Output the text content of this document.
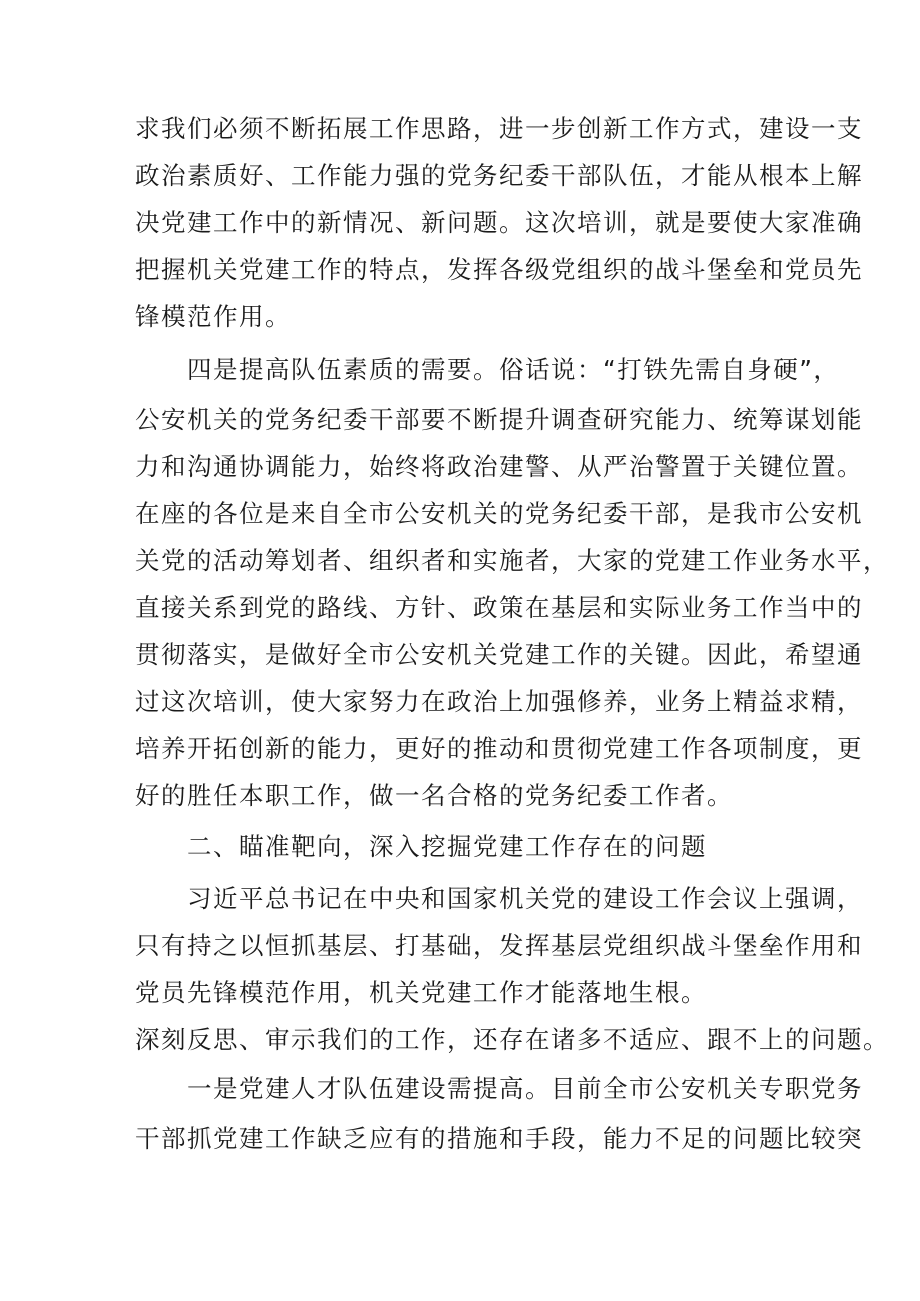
求我们必须不断拓展工作思路，进一步创新工作方式，建设一支
政治素质好、工作能力强的党务纪委干部队伍，才能从根本上解
决党建工作中的新情况、新问题。这次培训，就是要使大家准确
把握机关党建工作的特点，发挥各级党组织的战斗堡垒和党员先
锋模范作用。
四是提高队伍素质的需要。俗话说：“打铁先需自身硬”，
公安机关的党务纪委干部要不断提升调查研究能力、统筹谋划能
力和沟通协调能力，始终将政治建警、从严治警置于关键位置。
在座的各位是来自全市公安机关的党务纪委干部，是我市公安机
关党的活动筹划者、组织者和实施者，大家的党建工作业务水平，
直接关系到党的路线、方针、政策在基层和实际业务工作当中的
贯彻落实，是做好全市公安机关党建工作的关键。因此，希望通
过这次培训，使大家努力在政治上加强修养，业务上精益求精，
培养开拓创新的能力，更好的推动和贯彻党建工作各项制度，更
好的胜任本职工作，做一名合格的党务纪委工作者。
二、瞄准靶向，深入挖掘党建工作存在的问题
习近平总书记在中央和国家机关党的建设工作会议上强调，
只有持之以恒抓基层、打基础，发挥基层党组织战斗堡垒作用和
党员先锋模范作用，机关党建工作才能落地生根。
深刻反思、审示我们的工作，还存在诸多不适应、跟不上的问题。
一是党建人才队伍建设需提高。目前全市公安机关专职党务
干部抓党建工作缺乏应有的措施和手段，能力不足的问题比较突
